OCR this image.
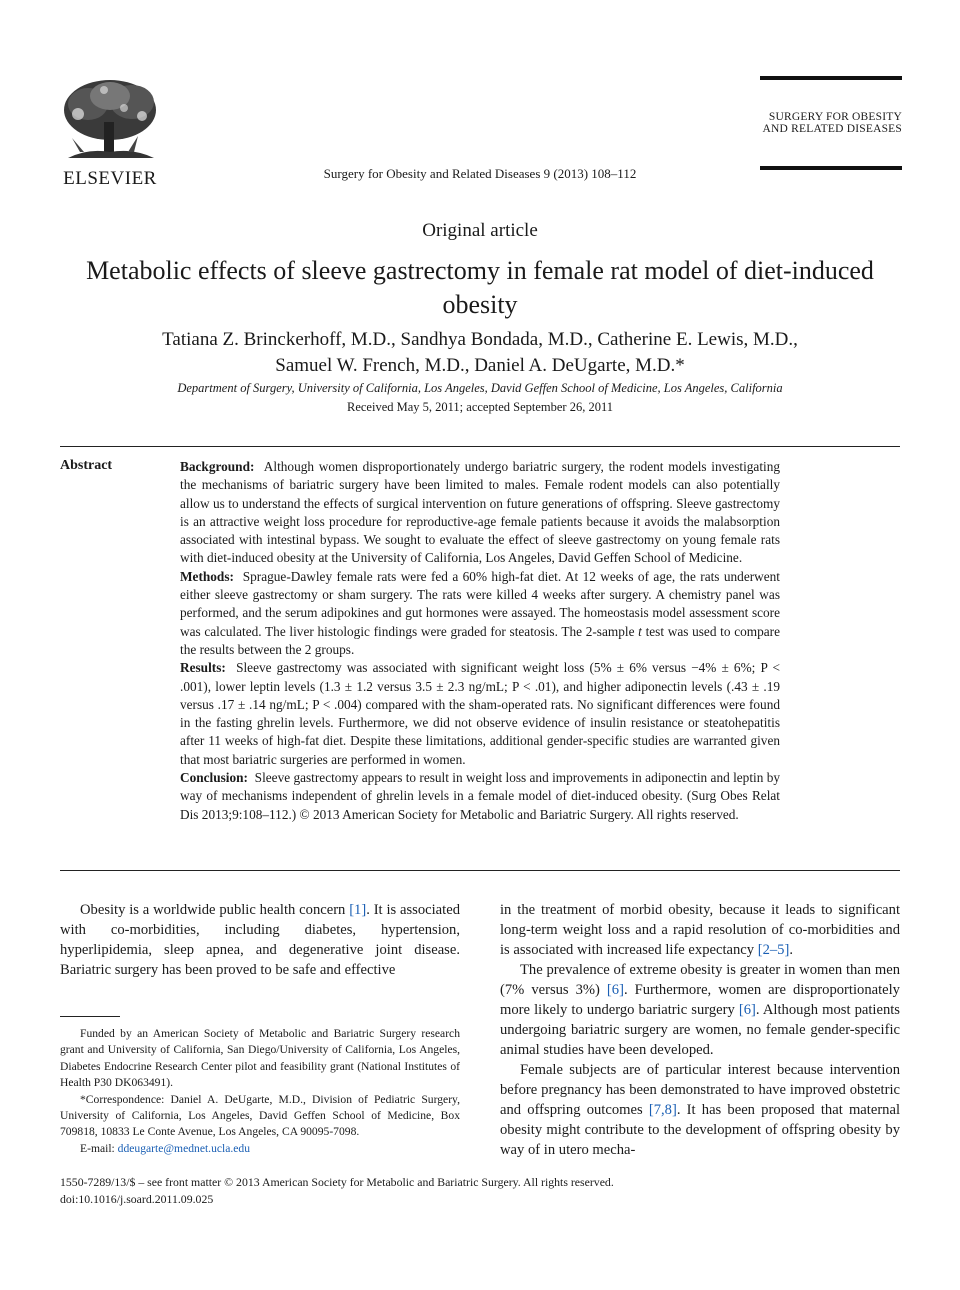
ELSEVIER	Surgery for Obesity and Related Diseases 9 (2013) 108–112
SURGERY FOR OBESITY
AND RELATED DISEASES
Original article
Metabolic effects of sleeve gastrectomy in female rat model of diet-induced obesity
Tatiana Z. Brinckerhoff, M.D., Sandhya Bondada, M.D., Catherine E. Lewis, M.D.,
Samuel W. French, M.D., Daniel A. DeUgarte, M.D.*
Department of Surgery, University of California, Los Angeles, David Geffen School of Medicine, Los Angeles, California
Received May 5, 2011; accepted September 26, 2011
Abstract	Background: Although women disproportionately undergo bariatric surgery, the rodent models investigating the mechanisms of bariatric surgery have been limited to males. Female rodent models can also potentially allow us to understand the effects of surgical intervention on future generations of offspring. Sleeve gastrectomy is an attractive weight loss procedure for reproductive-age female patients because it avoids the malabsorption associated with intestinal bypass. We sought to evaluate the effect of sleeve gastrectomy on young female rats with diet-induced obesity at the University of California, Los Angeles, David Geffen School of Medicine.

Methods: Sprague-Dawley female rats were fed a 60% high-fat diet. At 12 weeks of age, the rats underwent either sleeve gastrectomy or sham surgery. The rats were killed 4 weeks after surgery. A chemistry panel was performed, and the serum adipokines and gut hormones were assayed. The homeostasis model assessment score was calculated. The liver histologic findings were graded for steatosis. The 2-sample t test was used to compare the results between the 2 groups.

Results: Sleeve gastrectomy was associated with significant weight loss (5% ± 6% versus −4% ± 6%; P < .001), lower leptin levels (1.3 ± 1.2 versus 3.5 ± 2.3 ng/mL; P < .01), and higher adiponectin levels (.43 ± .19 versus .17 ± .14 ng/mL; P < .004) compared with the sham-operated rats. No significant differences were found in the fasting ghrelin levels. Furthermore, we did not observe evidence of insulin resistance or steatohepatitis after 11 weeks of high-fat diet. Despite these limitations, additional gender-specific studies are warranted given that most bariatric surgeries are performed in women.

Conclusion: Sleeve gastrectomy appears to result in weight loss and improvements in adiponectin and leptin by way of mechanisms independent of ghrelin levels in a female model of diet-induced obesity. (Surg Obes Relat Dis 2013;9:108–112.) © 2013 American Society for Metabolic and Bariatric Surgery. All rights reserved.

Obesity is a worldwide public health concern [1]. It is associated with co-morbidities, including diabetes, hypertension, hyperlipidemia, sleep apnea, and degenerative joint disease. Bariatric surgery has been proved to be safe and effective

in the treatment of morbid obesity, because it leads to significant long-term weight loss and a rapid resolution of co-morbidities and is associated with increased life expectancy [2–5].

The prevalence of extreme obesity is greater in women than men (7% versus 3%) [6]. Furthermore, women are disproportionately more likely to undergo bariatric surgery [6]. Although most patients undergoing bariatric surgery are women, no female gender-specific animal studies have been developed.

Female subjects are of particular interest because intervention before pregnancy has been demonstrated to have improved obstetric and offspring outcomes [7,8]. It has been proposed that maternal obesity might contribute to the development of offspring obesity by way of in utero mecha-

Funded by an American Society of Metabolic and Bariatric Surgery research grant and University of California, San Diego/University of California, Los Angeles, Diabetes Endocrine Research Center pilot and feasibility grant (National Institutes of Health P30 DK063491).

*Correspondence: Daniel A. DeUgarte, M.D., Division of Pediatric Surgery, University of California, Los Angeles, David Geffen School of Medicine, Box 709818, 10833 Le Conte Avenue, Los Angeles, CA 90095-7098.

E-mail: ddeugarte@mednet.ucla.edu

1550-7289/13/$ – see front matter © 2013 American Society for Metabolic and Bariatric Surgery. All rights reserved.
doi:10.1016/j.soard.2011.09.025
